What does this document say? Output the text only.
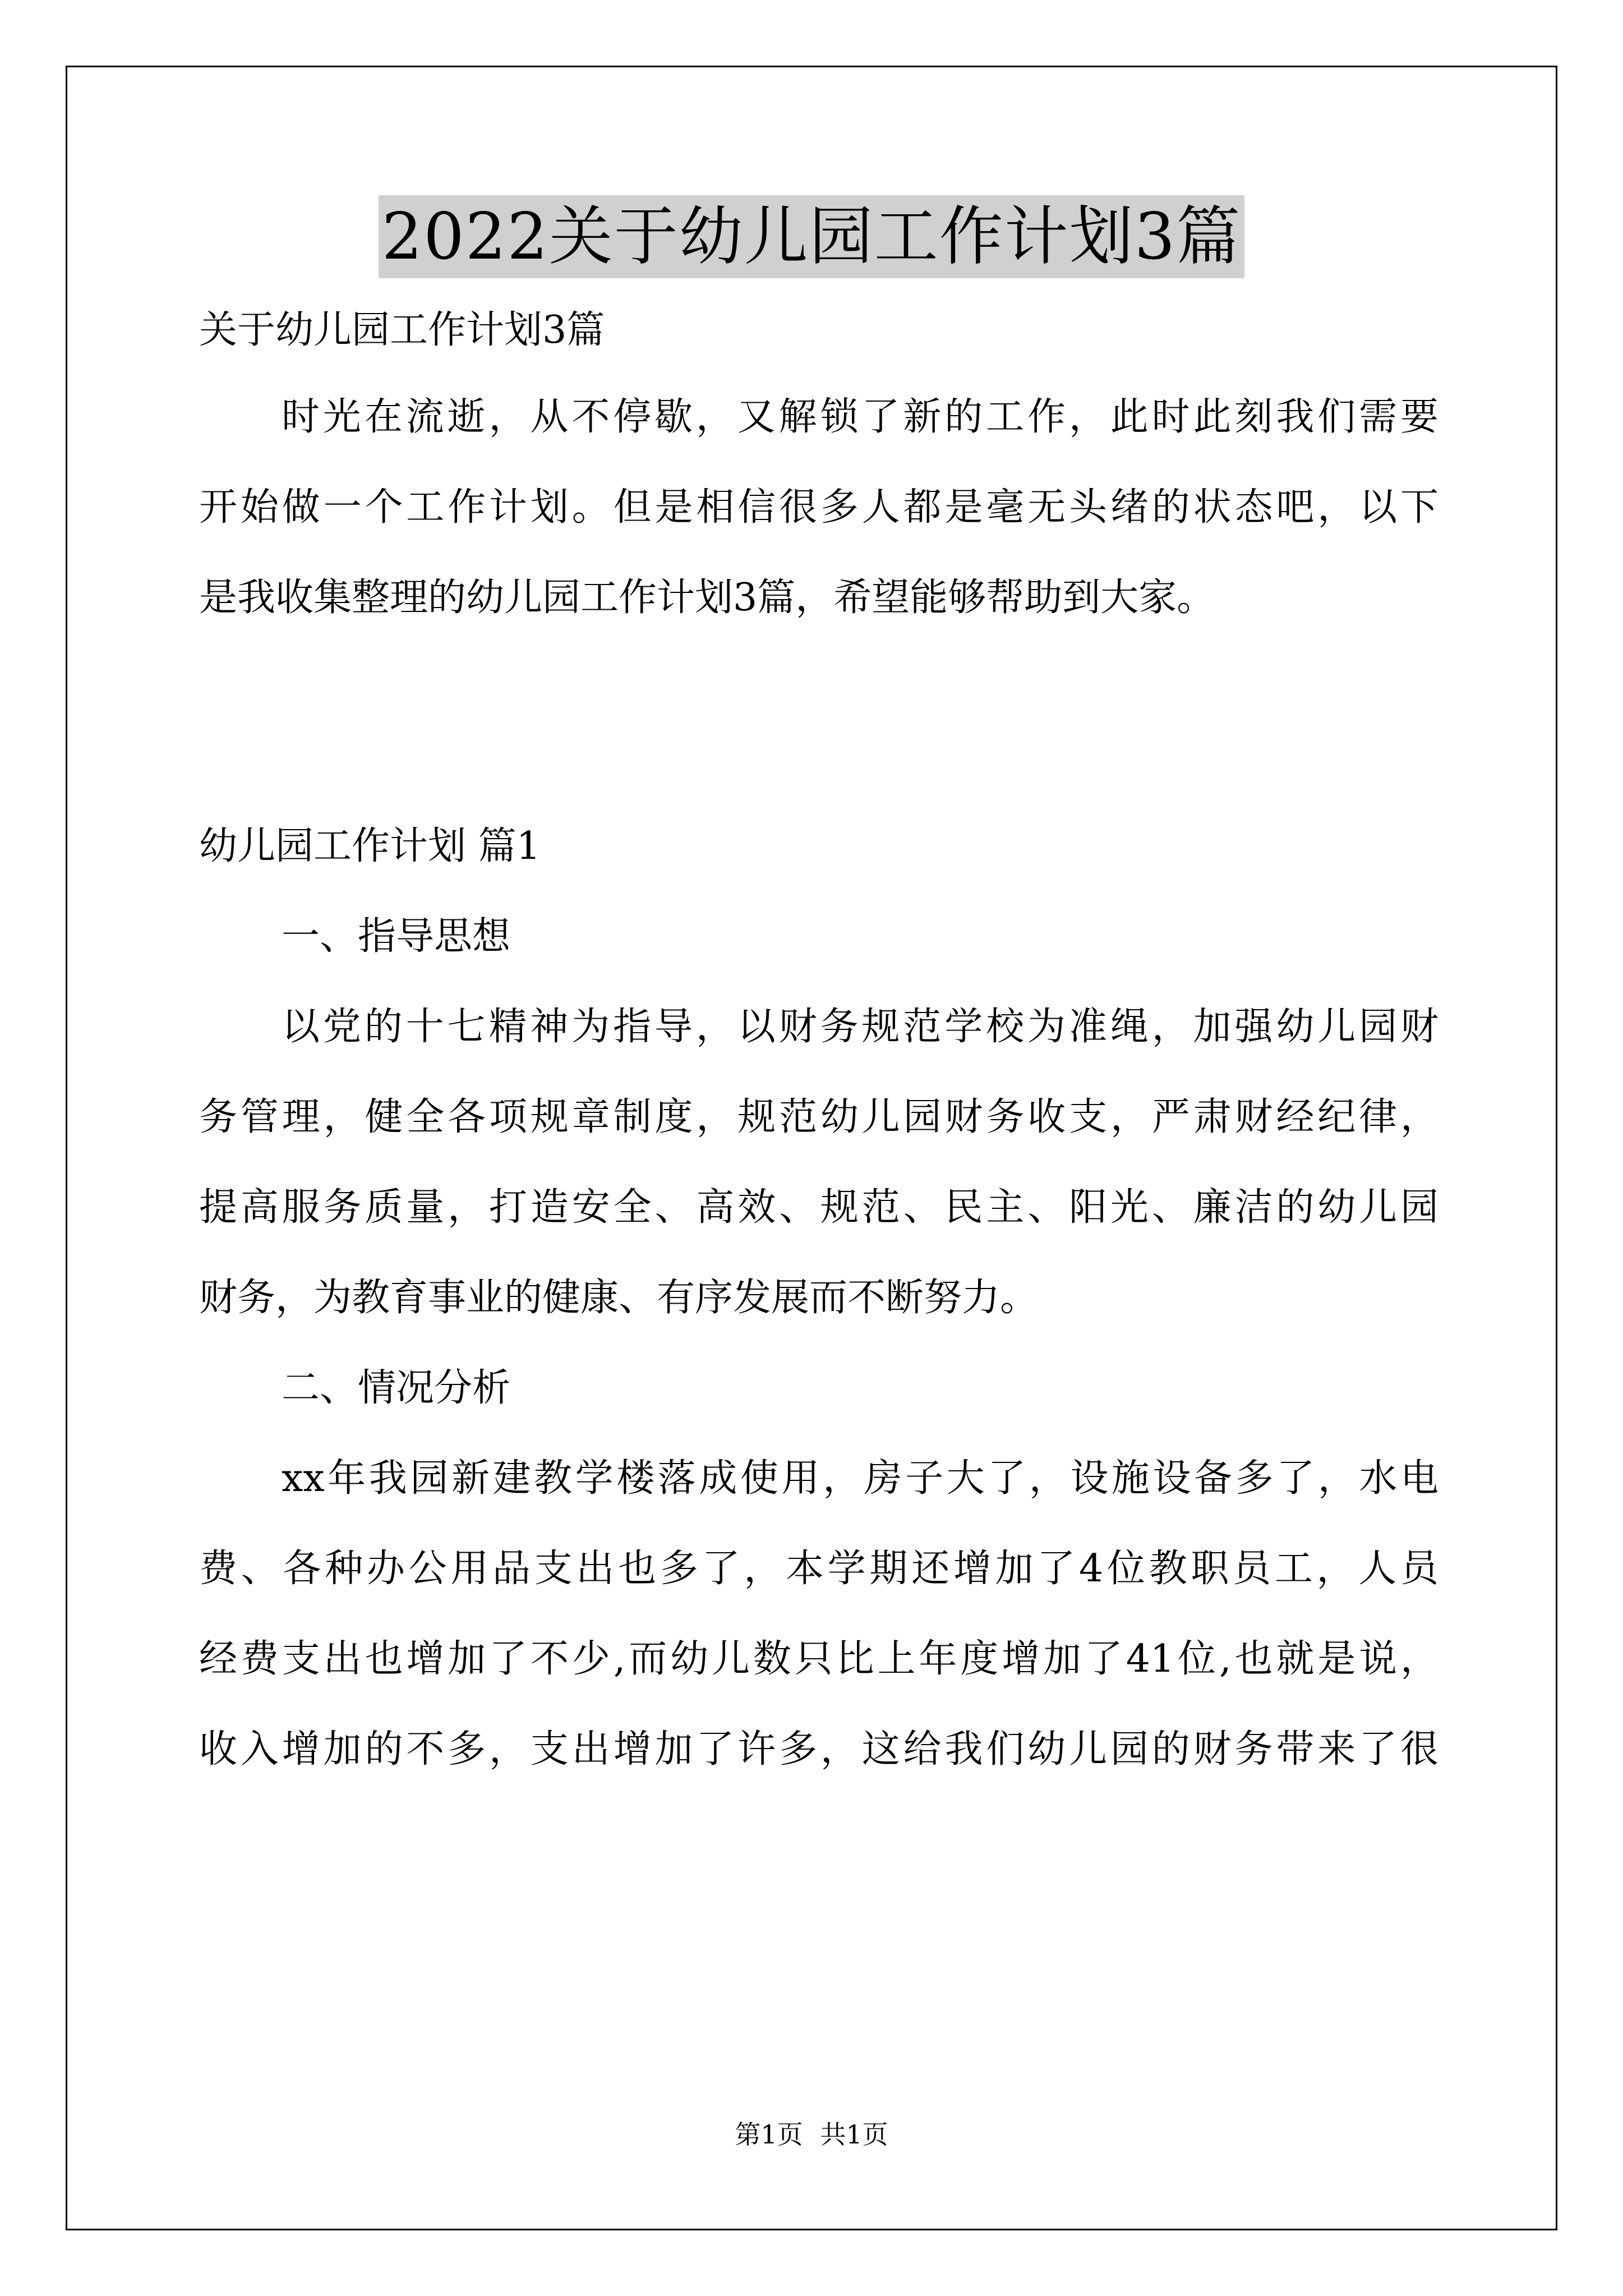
2022关于幼儿园工作计划3篇

关于幼儿园工作计划3篇

时光在流逝，从不停歇，又解锁了新的工作，此时此刻我们需要

开始做一个工作计划。但是相信很多人都是毫无头绪的状态吧，以下

是我收集整理的幼儿园工作计划3篇，希望能够帮助到大家。

幼儿园工作计划 篇1

一、指导思想

以党的十七精神为指导，以财务规范学校为准绳，加强幼儿园财

务管理，健全各项规章制度，规范幼儿园财务收支，严肃财经纪律，

提高服务质量，打造安全、高效、规范、民主、阳光、廉洁的幼儿园

财务，为教育事业的健康、有序发展而不断努力。

二、情况分析

xx年我园新建教学楼落成使用，房子大了，设施设备多了，水电

费、各种办公用品支出也多了，本学期还增加了4位教职员工，人员

经费支出也增加了不少,而幼儿数只比上年度增加了41位,也就是说，

收入增加的不多，支出增加了许多，这给我们幼儿园的财务带来了很

第1页 共1页
